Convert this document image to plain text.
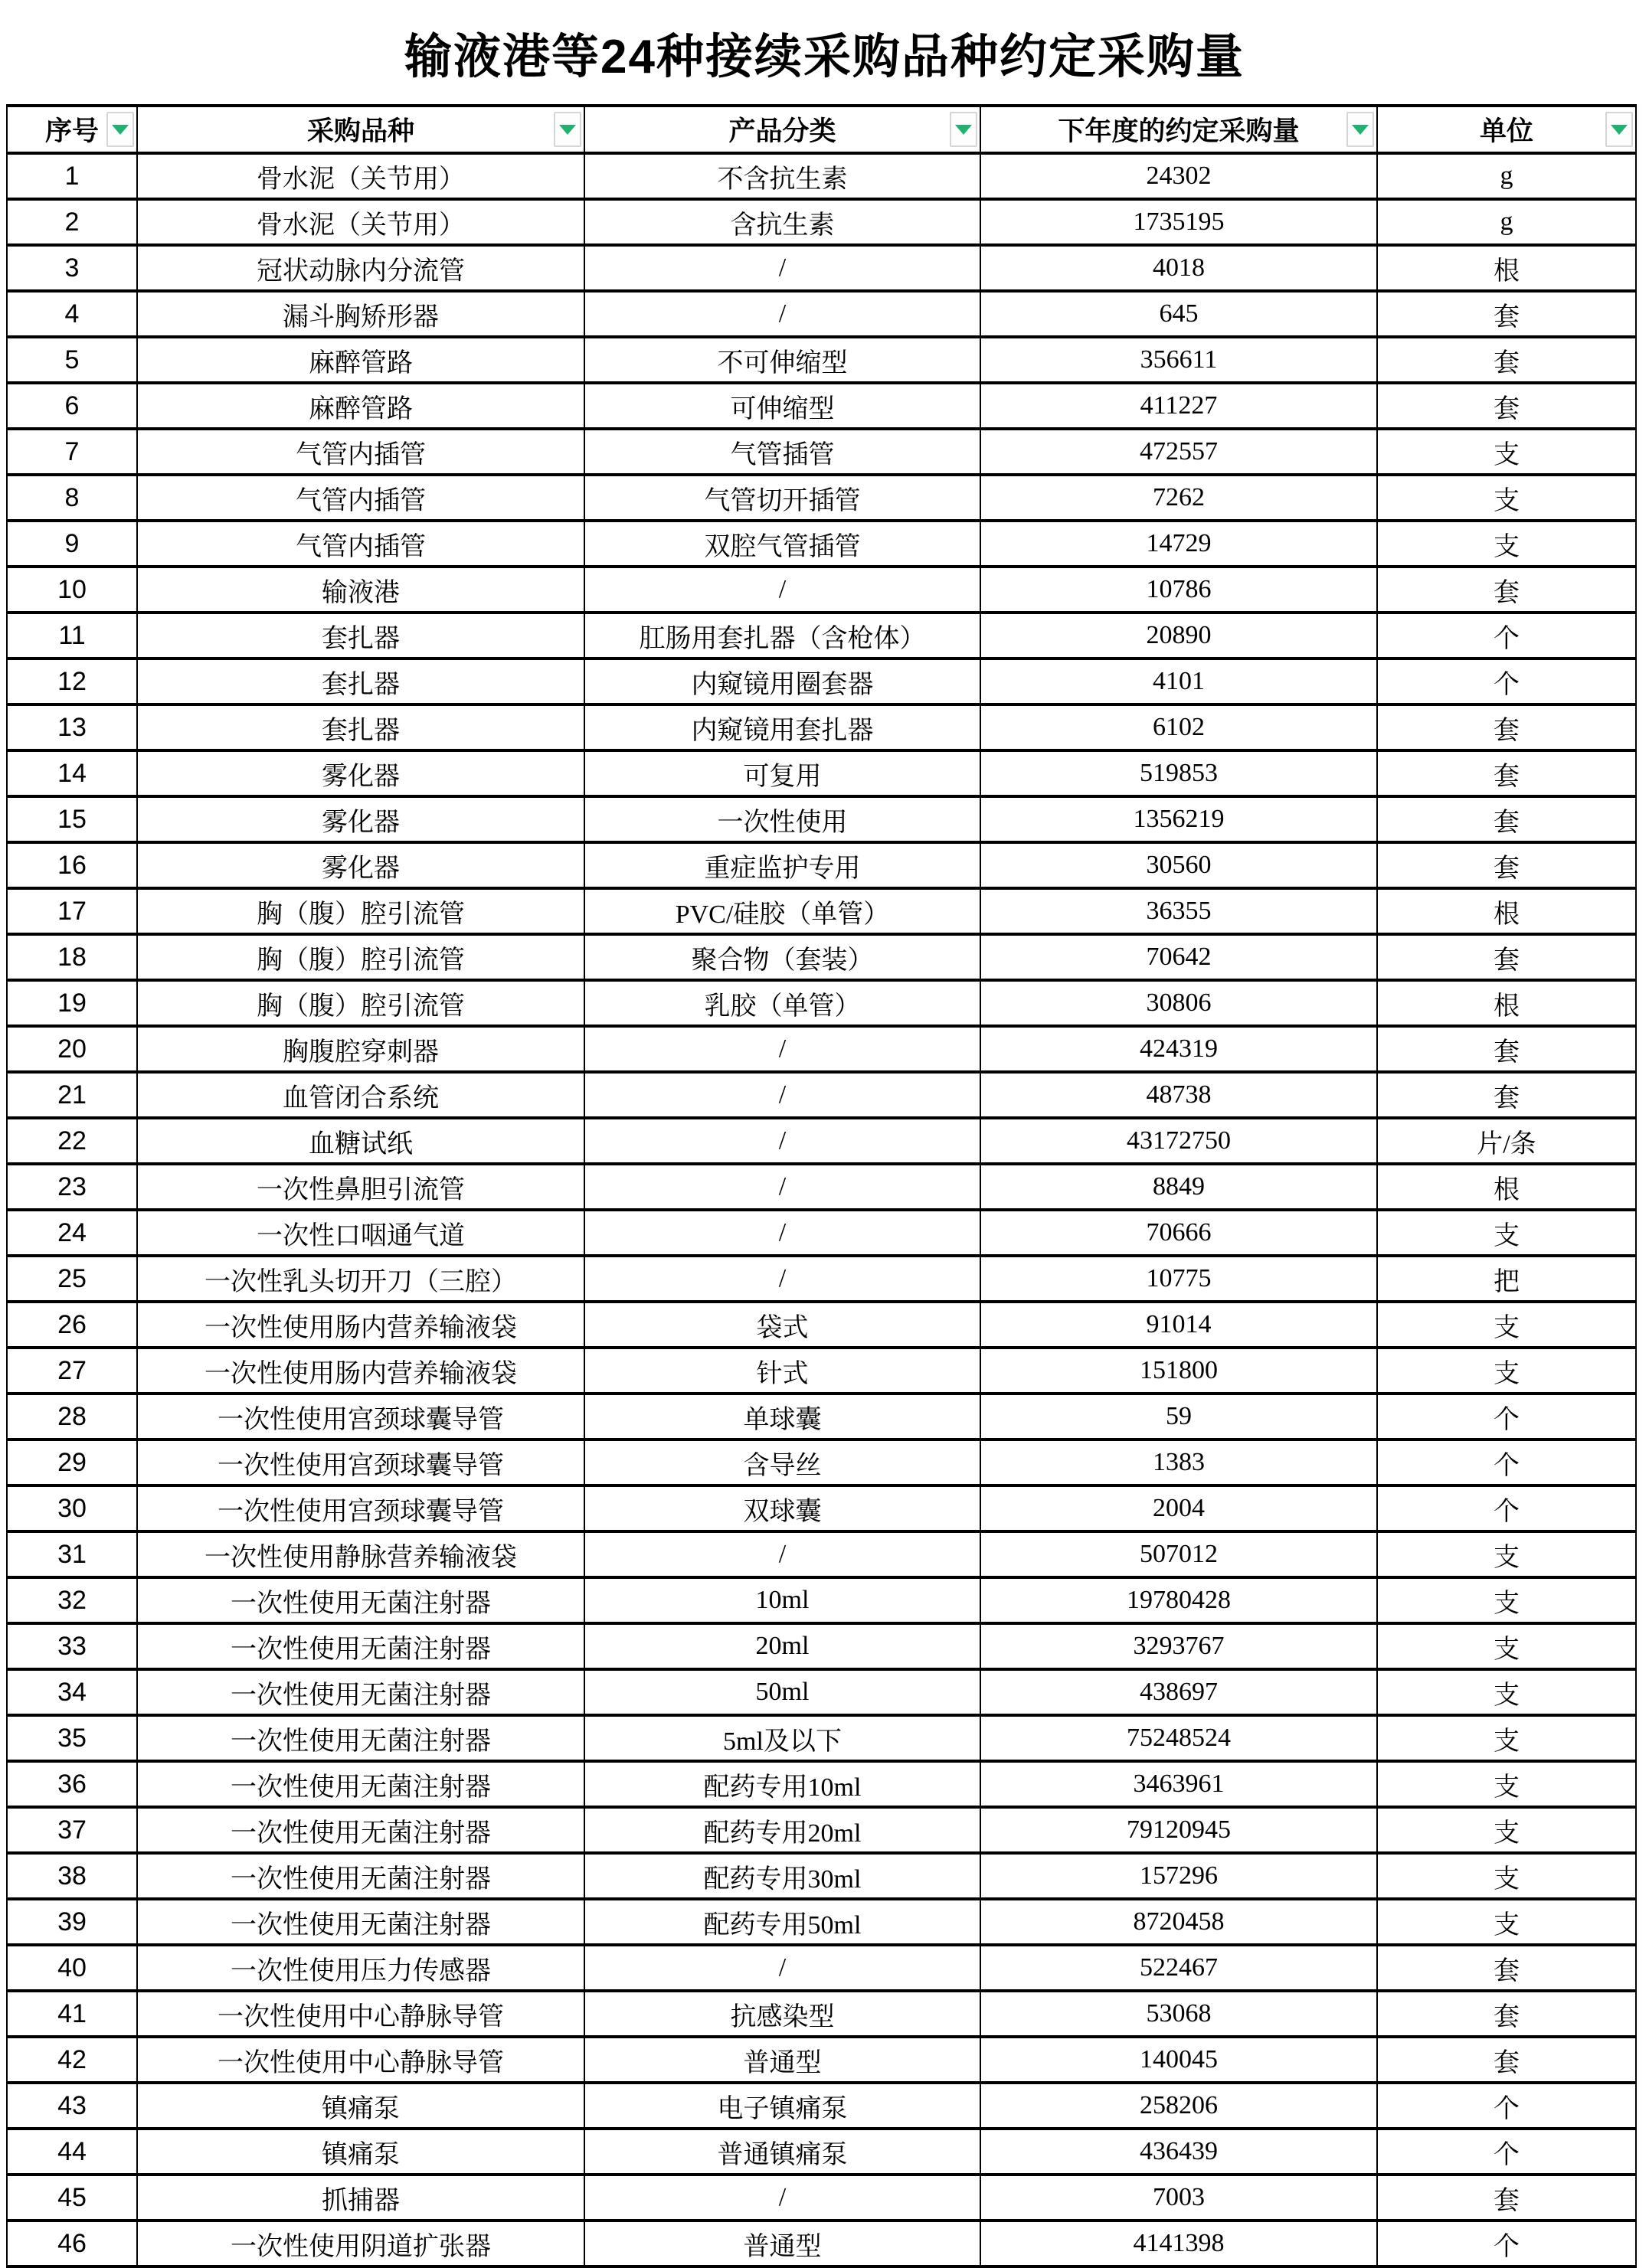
输液港等24种接续采购品种约定采购量
序号	采购品种	产品分类	下年度的约定采购量	单位

1	骨水泥（关节用）	不含抗生素	24302	g
2	骨水泥（关节用）	含抗生素	1735195	g
3	冠状动脉内分流管	/	4018	根
4	漏斗胸矫形器	/	645	套
5	麻醉管路	不可伸缩型	356611	套
6	麻醉管路	可伸缩型	411227	套
7	气管内插管	气管插管	472557	支
8	气管内插管	气管切开插管	7262	支
9	气管内插管	双腔气管插管	14729	支
10	输液港	/	10786	套
11	套扎器	肛肠用套扎器（含枪体）	20890	个
12	套扎器	内窥镜用圈套器	4101	个
13	套扎器	内窥镜用套扎器	6102	套
14	雾化器	可复用	519853	套
15	雾化器	一次性使用	1356219	套
16	雾化器	重症监护专用	30560	套
17	胸（腹）腔引流管	PVC/硅胶（单管）	36355	根
18	胸（腹）腔引流管	聚合物（套装）	70642	套
19	胸（腹）腔引流管	乳胶（单管）	30806	根
20	胸腹腔穿刺器	/	424319	套
21	血管闭合系统	/	48738	套
22	血糖试纸	/	43172750	片/条
23	一次性鼻胆引流管	/	8849	根
24	一次性口咽通气道	/	70666	支
25	一次性乳头切开刀（三腔）	/	10775	把
26	一次性使用肠内营养输液袋	袋式	91014	支
27	一次性使用肠内营养输液袋	针式	151800	支
28	一次性使用宫颈球囊导管	单球囊	59	个
29	一次性使用宫颈球囊导管	含导丝	1383	个
30	一次性使用宫颈球囊导管	双球囊	2004	个
31	一次性使用静脉营养输液袋	/	507012	支
32	一次性使用无菌注射器	10ml	19780428	支
33	一次性使用无菌注射器	20ml	3293767	支
34	一次性使用无菌注射器	50ml	438697	支
35	一次性使用无菌注射器	5ml及以下	75248524	支
36	一次性使用无菌注射器	配药专用10ml	3463961	支
37	一次性使用无菌注射器	配药专用20ml	79120945	支
38	一次性使用无菌注射器	配药专用30ml	157296	支
39	一次性使用无菌注射器	配药专用50ml	8720458	支
40	一次性使用压力传感器	/	522467	套
41	一次性使用中心静脉导管	抗感染型	53068	套
42	一次性使用中心静脉导管	普通型	140045	套
43	镇痛泵	电子镇痛泵	258206	个
44	镇痛泵	普通镇痛泵	436439	个
45	抓捕器	/	7003	套
46	一次性使用阴道扩张器	普通型	4141398	个
